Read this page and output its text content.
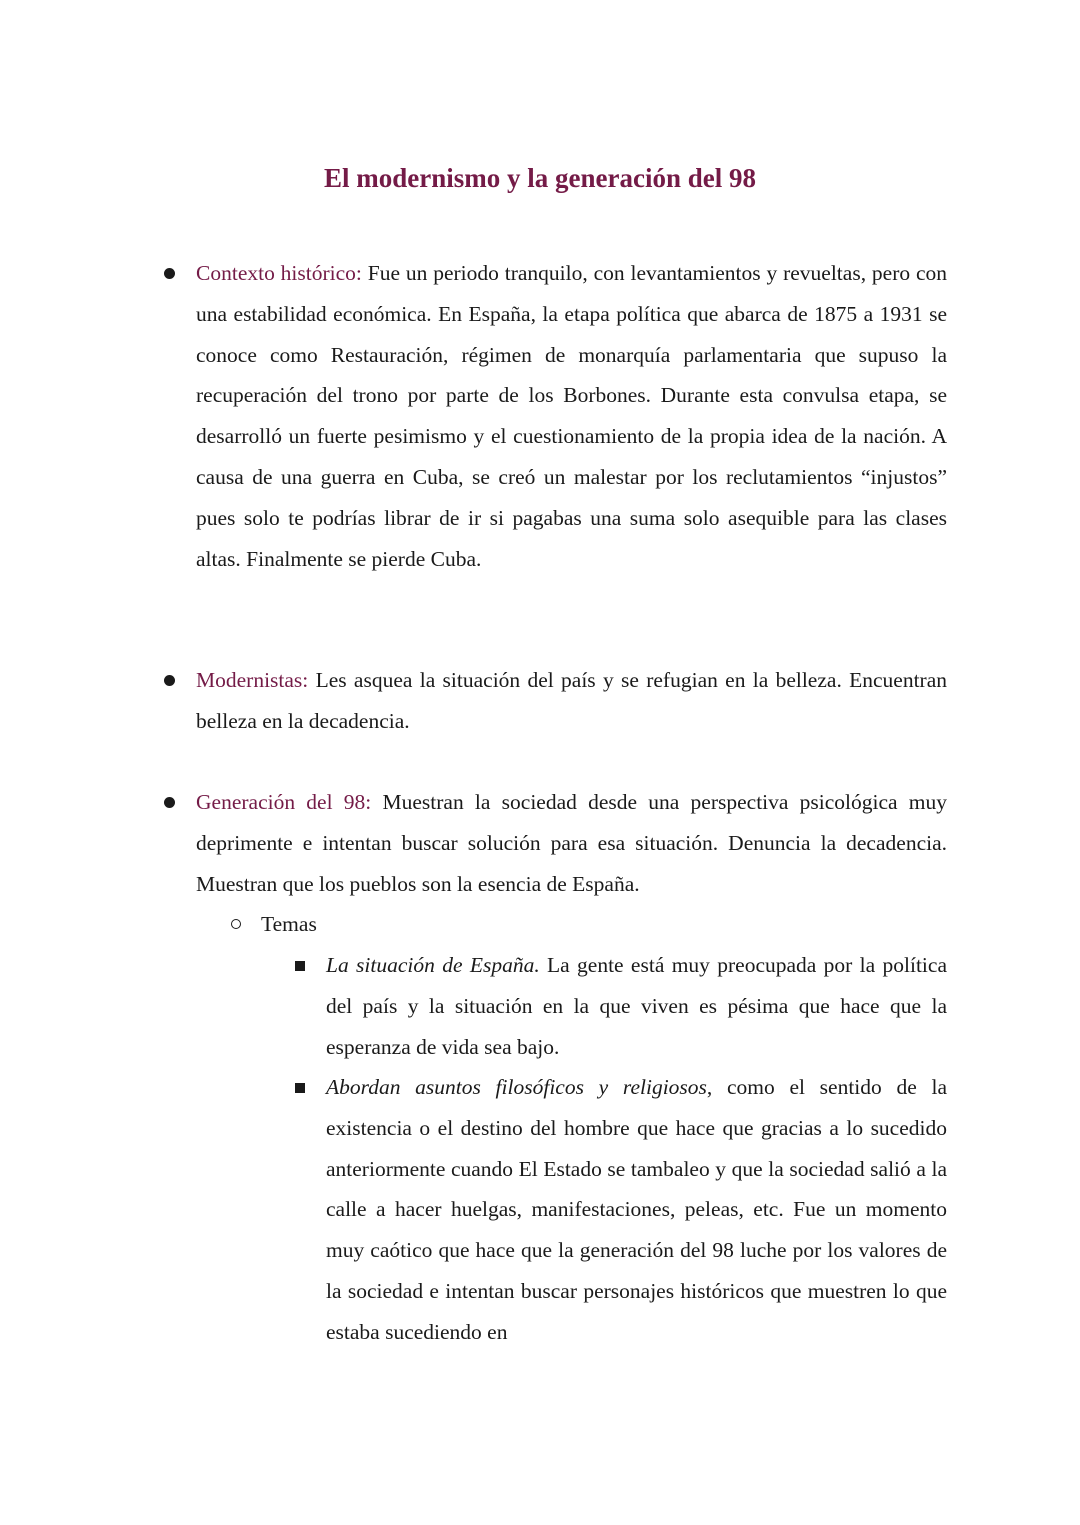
El modernismo y la generación del 98

Contexto histórico: Fue un periodo tranquilo, con levantamientos y revueltas, pero con una estabilidad económica. En España, la etapa política que abarca de 1875 a 1931 se conoce como Restauración, régimen de monarquía parlamentaria que supuso la recuperación del trono por parte de los Borbones. Durante esta convulsa etapa, se desarrolló un fuerte pesimismo y el cuestionamiento de la propia idea de la nación. A causa de una guerra en Cuba, se creó un malestar por los reclutamientos “injustos” pues solo te podrías librar de ir si pagabas una suma solo asequible para las clases altas. Finalmente se pierde Cuba.

Modernistas: Les asquea la situación del país y se refugian en la belleza. Encuentran belleza en la decadencia.

Generación del 98: Muestran la sociedad desde una perspectiva psicológica muy deprimente e intentan buscar solución para esa situación. Denuncia la decadencia. Muestran que los pueblos son la esencia de España.

Temas

La situación de España. La gente está muy preocupada por la política del país y la situación en la que viven es pésima que hace que la esperanza de vida sea bajo.

Abordan asuntos filosóficos y religiosos, como el sentido de la existencia o el destino del hombre que hace que gracias a lo sucedido anteriormente cuando El Estado se tambaleo y que la sociedad salió a la calle a hacer huelgas, manifestaciones, peleas, etc. Fue un momento muy caótico que hace que la generación del 98 luche por los valores de la sociedad e intentan buscar personajes históricos que muestren lo que estaba sucediendo en
